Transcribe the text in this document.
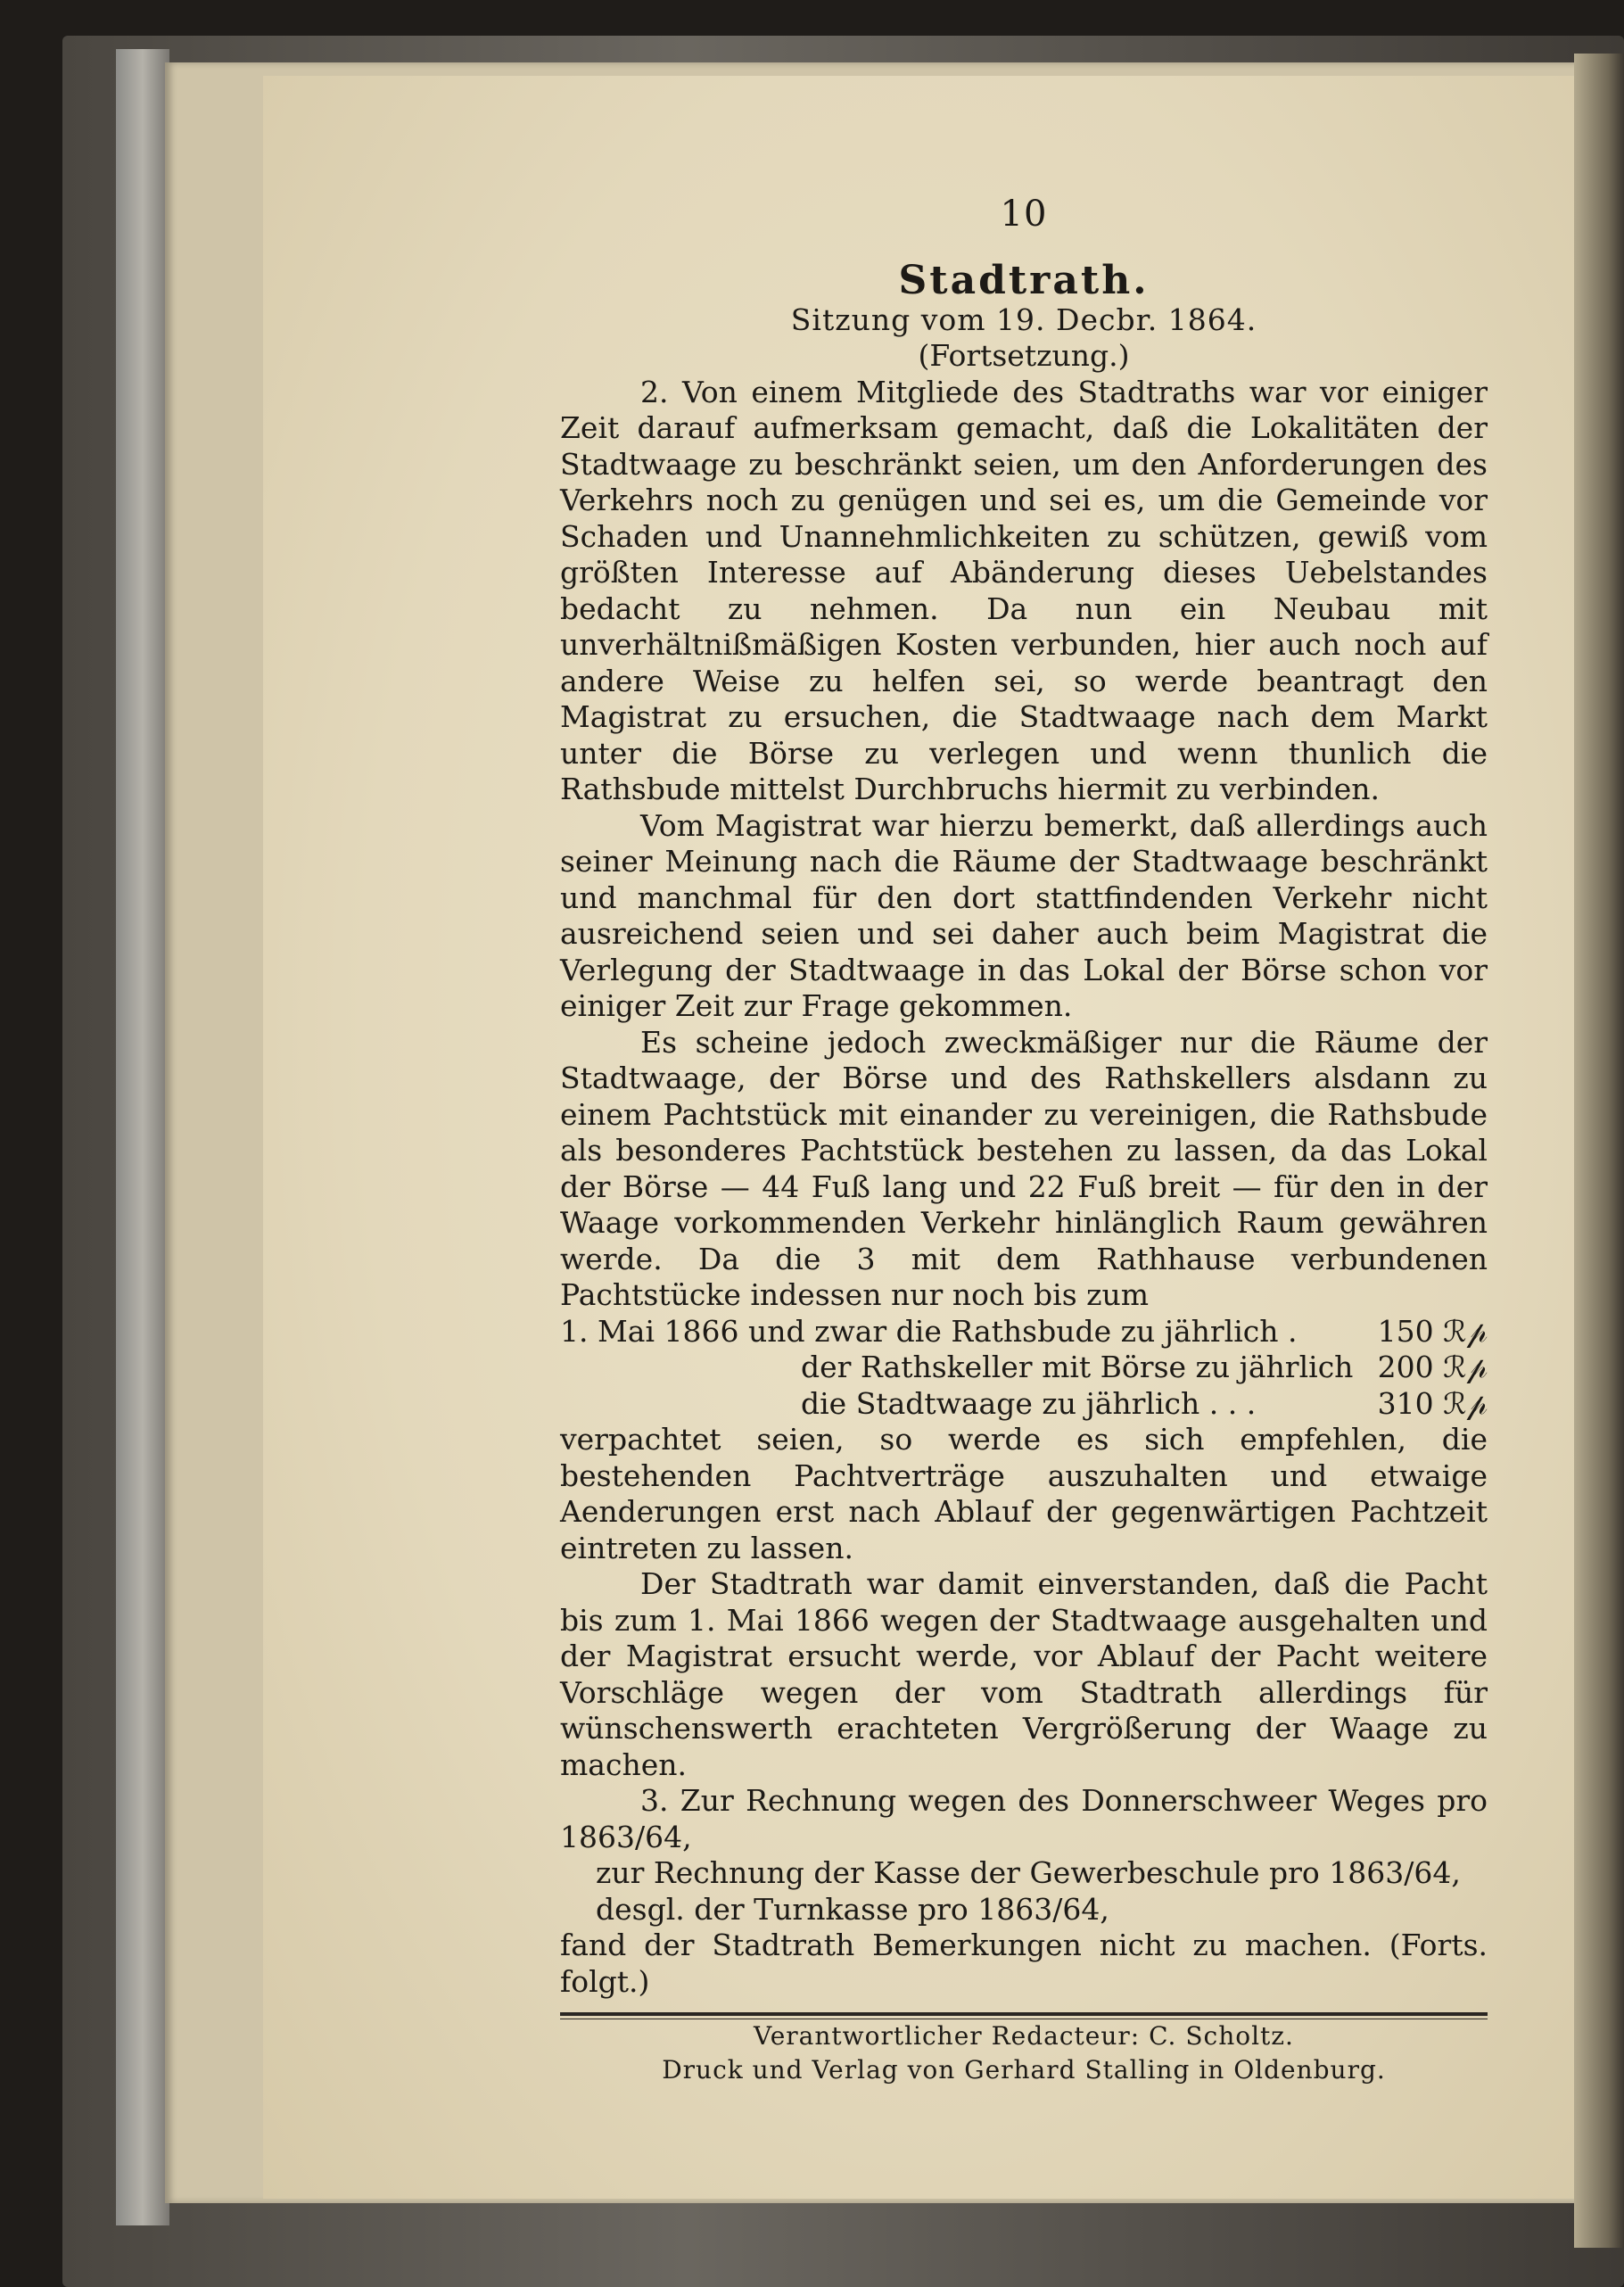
10
Stadtrath.
Sitzung vom 19. Decbr. 1864.
(Fortsetzung.)

2. Von einem Mitgliede des Stadtraths war vor einiger Zeit darauf aufmerksam gemacht, daß die Lokalitäten der Stadtwaage zu beschränkt seien, um den Anforderungen des Verkehrs noch zu genügen und sei es, um die Gemeinde vor Schaden und Unannehmlichkeiten zu schützen, gewiß vom größten Interesse auf Abänderung dieses Uebelstandes bedacht zu nehmen. Da nun ein Neubau mit unverhältnißmäßigen Kosten verbunden, hier auch noch auf andere Weise zu helfen sei, so werde beantragt den Magistrat zu ersuchen, die Stadtwaage nach dem Markt unter die Börse zu verlegen und wenn thunlich die Rathsbude mittelst Durchbruchs hiermit zu verbinden.

Vom Magistrat war hierzu bemerkt, daß allerdings auch seiner Meinung nach die Räume der Stadtwaage beschränkt und manchmal für den dort stattfindenden Verkehr nicht ausreichend seien und sei daher auch beim Magistrat die Verlegung der Stadtwaage in das Lokal der Börse schon vor einiger Zeit zur Frage gekommen.

Es scheine jedoch zweckmäßiger nur die Räume der Stadtwaage, der Börse und des Rathskellers alsdann zu einem Pachtstück mit einander zu vereinigen, die Rathsbude als besonderes Pachtstück bestehen zu lassen, da das Lokal der Börse — 44 Fuß lang und 22 Fuß breit — für den in der Waage vorkommenden Verkehr hinlänglich Raum gewähren werde. Da die 3 mit dem Rathhause verbundenen Pachtstücke indessen nur noch bis zum

1. Mai 1866 und zwar die Rathsbude zu jährlich .	150 ℛ𝓅
der Rathskeller mit Börse zu jährlich 200 ℛ𝓅
die Stadtwaage zu jährlich . . .	310 ℛ𝓅

verpachtet seien, so werde es sich empfehlen, die bestehenden Pachtverträge auszuhalten und etwaige Aenderungen erst nach Ablauf der gegenwärtigen Pachtzeit eintreten zu lassen.

Der Stadtrath war damit einverstanden, daß die Pacht bis zum 1. Mai 1866 wegen der Stadtwaage ausgehalten und der Magistrat ersucht werde, vor Ablauf der Pacht weitere Vorschläge wegen der vom Stadtrath allerdings für wünschenswerth erachteten Vergrößerung der Waage zu machen.

3. Zur Rechnung wegen des Donnerschweer Weges pro 1863/64,

zur Rechnung der Kasse der Gewerbeschule pro 1863/64,

desgl. der Turnkasse pro 1863/64,

fand der Stadtrath Bemerkungen nicht zu machen. (Forts. folgt.)

Verantwortlicher Redacteur: C. Scholtz.
Druck und Verlag von Gerhard Stalling in Oldenburg.
